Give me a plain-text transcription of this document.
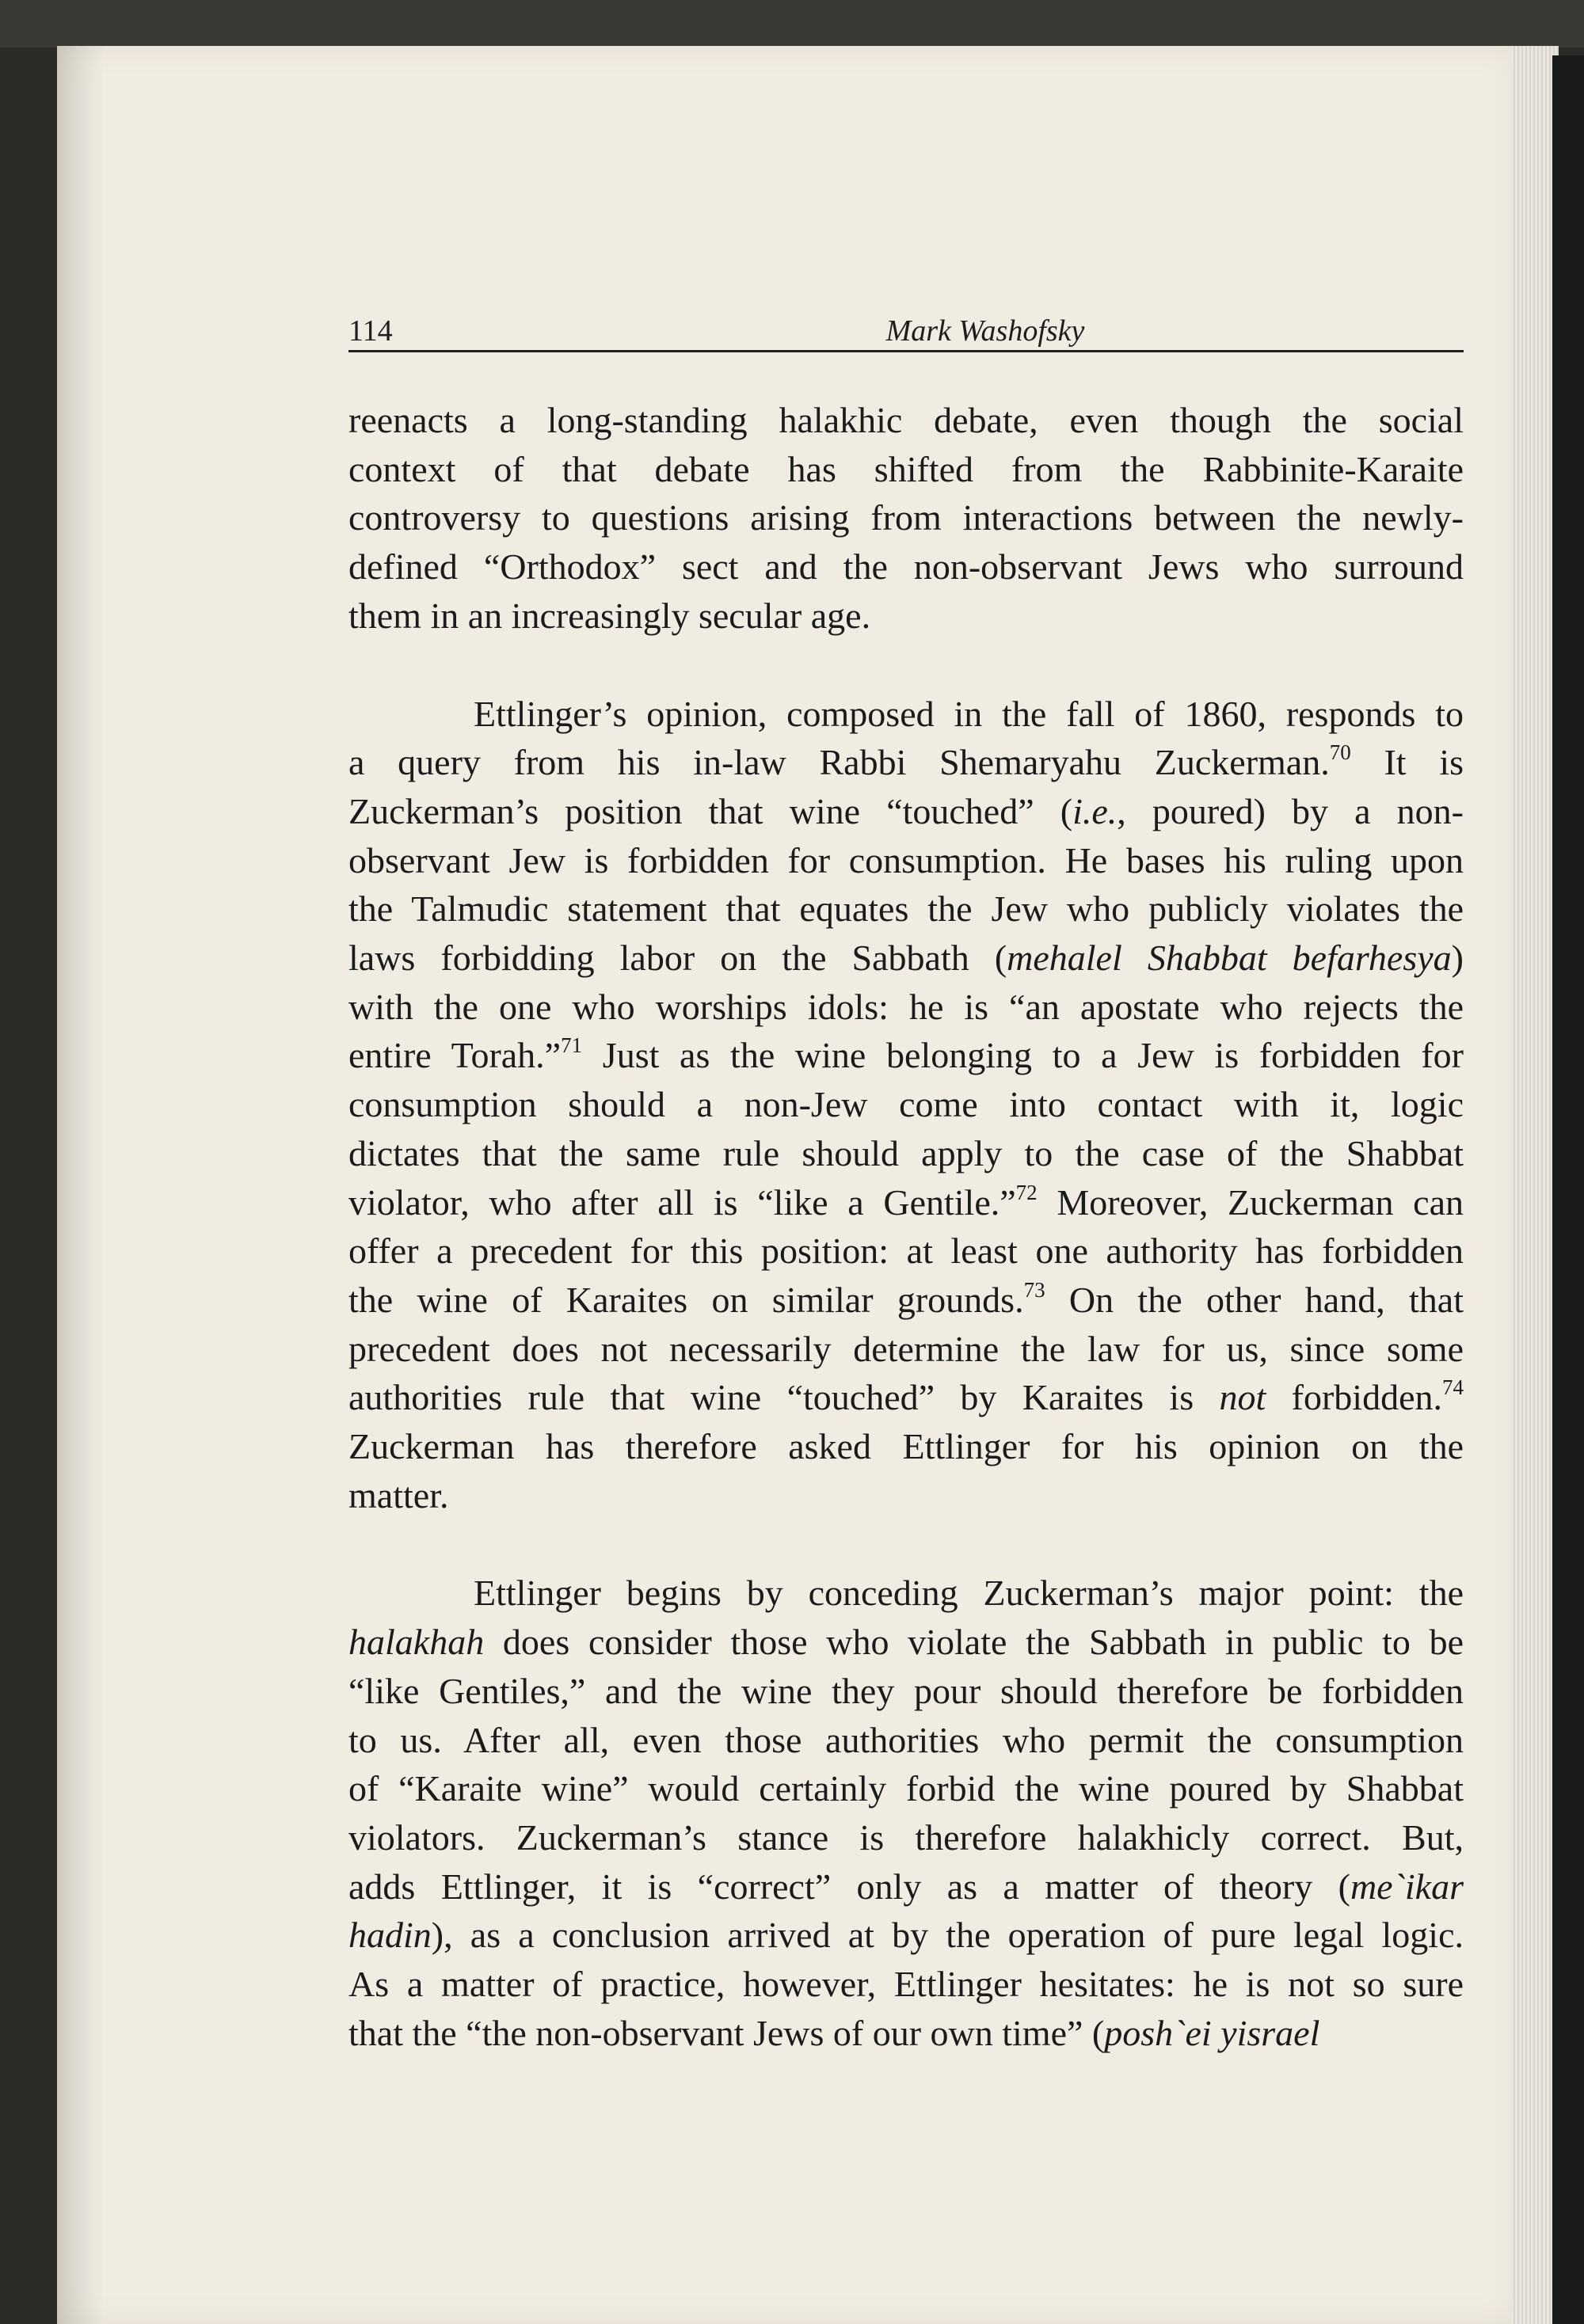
114	Mark Washofsky
reenacts a long-standing halakhic debate, even though the social
context of that debate has shifted from the Rabbinite-Karaite
controversy to questions arising from interactions between the newly-
defined “Orthodox” sect and the non-observant Jews who surround
them in an increasingly secular age.
Ettlinger’s opinion, composed in the fall of 1860, responds to
a query from his in-law Rabbi Shemaryahu Zuckerman.$^{70}$ It is
Zuckerman’s position that wine “touched” (i.e., poured) by a non-
observant Jew is forbidden for consumption. He bases his ruling upon
the Talmudic statement that equates the Jew who publicly violates the
laws forbidding labor on the Sabbath (mehalel Shabbat befarhesya)
with the one who worships idols: he is “an apostate who rejects the
entire Torah.”$^{71}$ Just as the wine belonging to a Jew is forbidden for
consumption should a non-Jew come into contact with it, logic
dictates that the same rule should apply to the case of the Shabbat
violator, who after all is “like a Gentile.”$^{72}$ Moreover, Zuckerman can
offer a precedent for this position: at least one authority has forbidden
the wine of Karaites on similar grounds.$^{73}$ On the other hand, that
precedent does not necessarily determine the law for us, since some
authorities rule that wine “touched” by Karaites is not forbidden.$^{74}$
Zuckerman has therefore asked Ettlinger for his opinion on the
matter.
Ettlinger begins by conceding Zuckerman’s major point: the
halakhah does consider those who violate the Sabbath in public to be
“like Gentiles,” and the wine they pour should therefore be forbidden
to us. After all, even those authorities who permit the consumption
of “Karaite wine” would certainly forbid the wine poured by Shabbat
violators. Zuckerman’s stance is therefore halakhicly correct. But,
adds Ettlinger, it is “correct” only as a matter of theory (me`ikar
hadin), as a conclusion arrived at by the operation of pure legal logic.
As a matter of practice, however, Ettlinger hesitates: he is not so sure
that the “the non-observant Jews of our own time” (posh`ei yisrael
